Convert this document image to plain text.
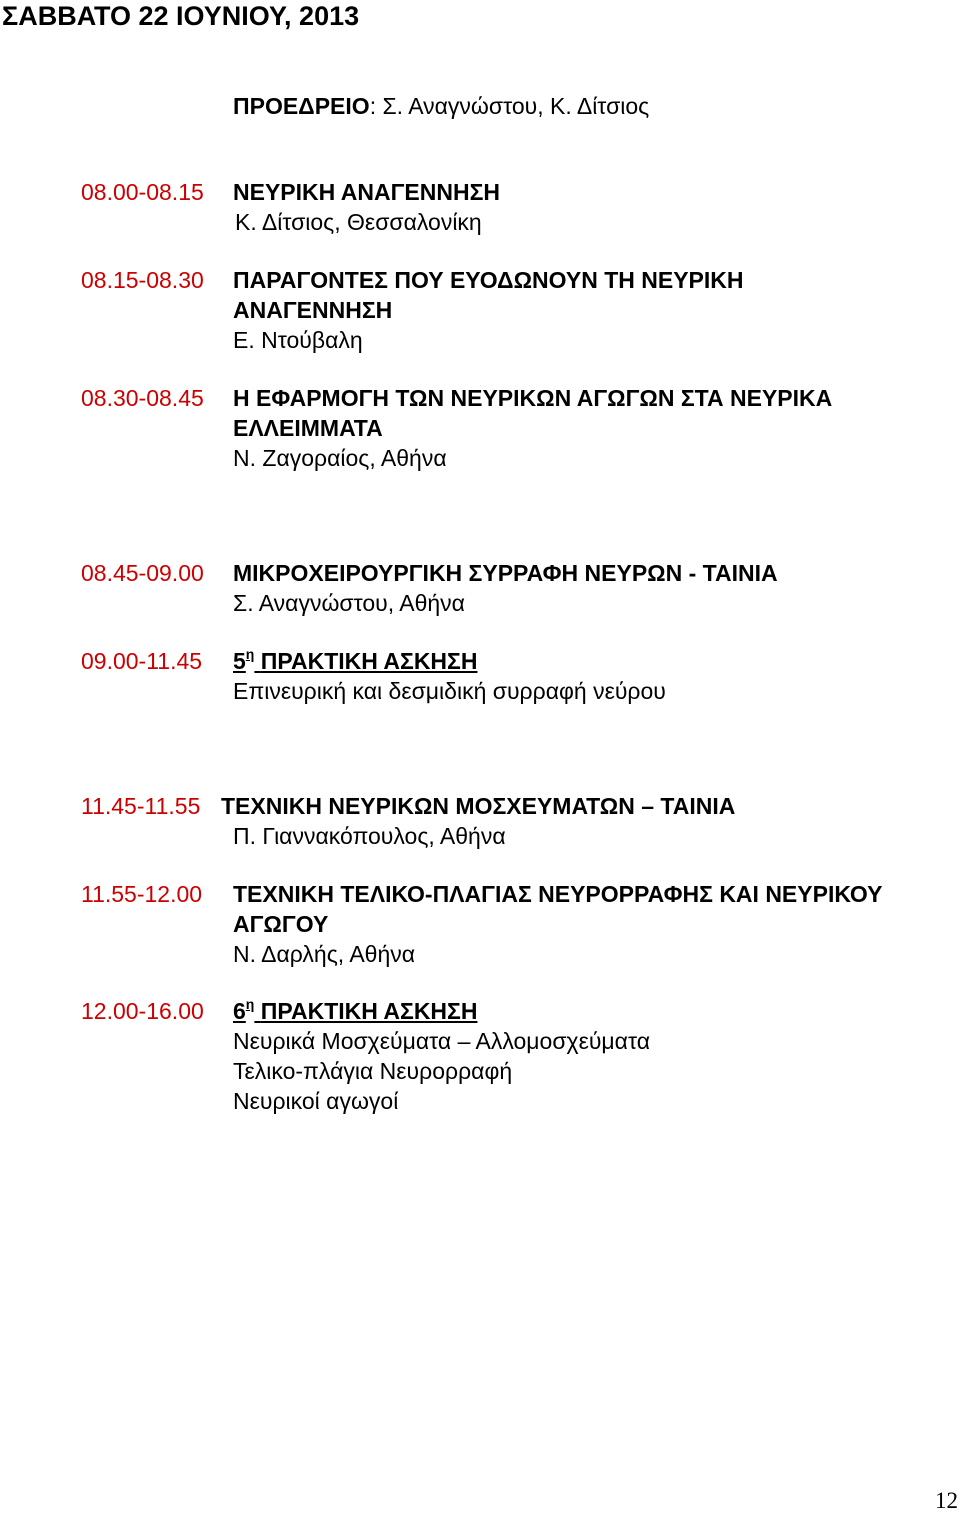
ΣΑΒΒΑΤΟ 22 ΙΟΥΝΙΟΥ, 2013
ΠΡΟΕΔΡΕΙΟ: Σ. Αναγνώστου, Κ. Δίτσιος
08.00-08.15 ΝΕΥΡΙΚΗ ΑΝΑΓΕΝΝΗΣΗ
Κ. Δίτσιος, Θεσσαλονίκη
08.15-08.30 ΠΑΡΑΓΟΝΤΕΣ ΠΟΥ ΕΥΟΔΩΝΟΥΝ ΤΗ ΝΕΥΡΙΚΗ
ΑΝΑΓΕΝΝΗΣΗ
Ε. Ντούβαλη
08.30-08.45 Η ΕΦΑΡΜΟΓΗ ΤΩΝ ΝΕΥΡΙΚΩΝ ΑΓΩΓΩΝ ΣΤΑ ΝΕΥΡΙΚΑ
ΕΛΛΕΙΜΜΑΤΑ
Ν. Ζαγοραίος, Αθήνα
08.45-09.00 ΜΙΚΡΟΧΕΙΡΟΥΡΓΙΚΗ ΣΥΡΡΑΦΗ ΝΕΥΡΩΝ - ΤΑΙΝΙΑ
Σ. Αναγνώστου, Αθήνα
09.00-11.45 $5^\eta$ ΠΡΑΚΤΙΚΗ ΑΣΚΗΣΗ
Επινευρική και δεσμιδική συρραφή νεύρου
11.45-11.55 ΤΕΧΝΙΚΗ ΝΕΥΡΙΚΩΝ ΜΟΣΧΕΥΜΑΤΩΝ – ΤΑΙΝΙΑ
Π. Γιαννακόπουλος, Αθήνα
11.55-12.00 ΤΕΧΝΙΚΗ ΤΕΛΙΚΟ-ΠΛΑΓΙΑΣ ΝΕΥΡΟΡΡΑΦΗΣ ΚΑΙ ΝΕΥΡΙΚΟΥ
ΑΓΩΓΟΥ
Ν. Δαρλής, Αθήνα
12.00-16.00 $6^\eta$ ΠΡΑΚΤΙΚΗ ΑΣΚΗΣΗ
Νευρικά Μοσχεύματα – Αλλομοσχεύματα
Τελικο-πλάγια Νευρορραφή
Νευρικοί αγωγοί
12
